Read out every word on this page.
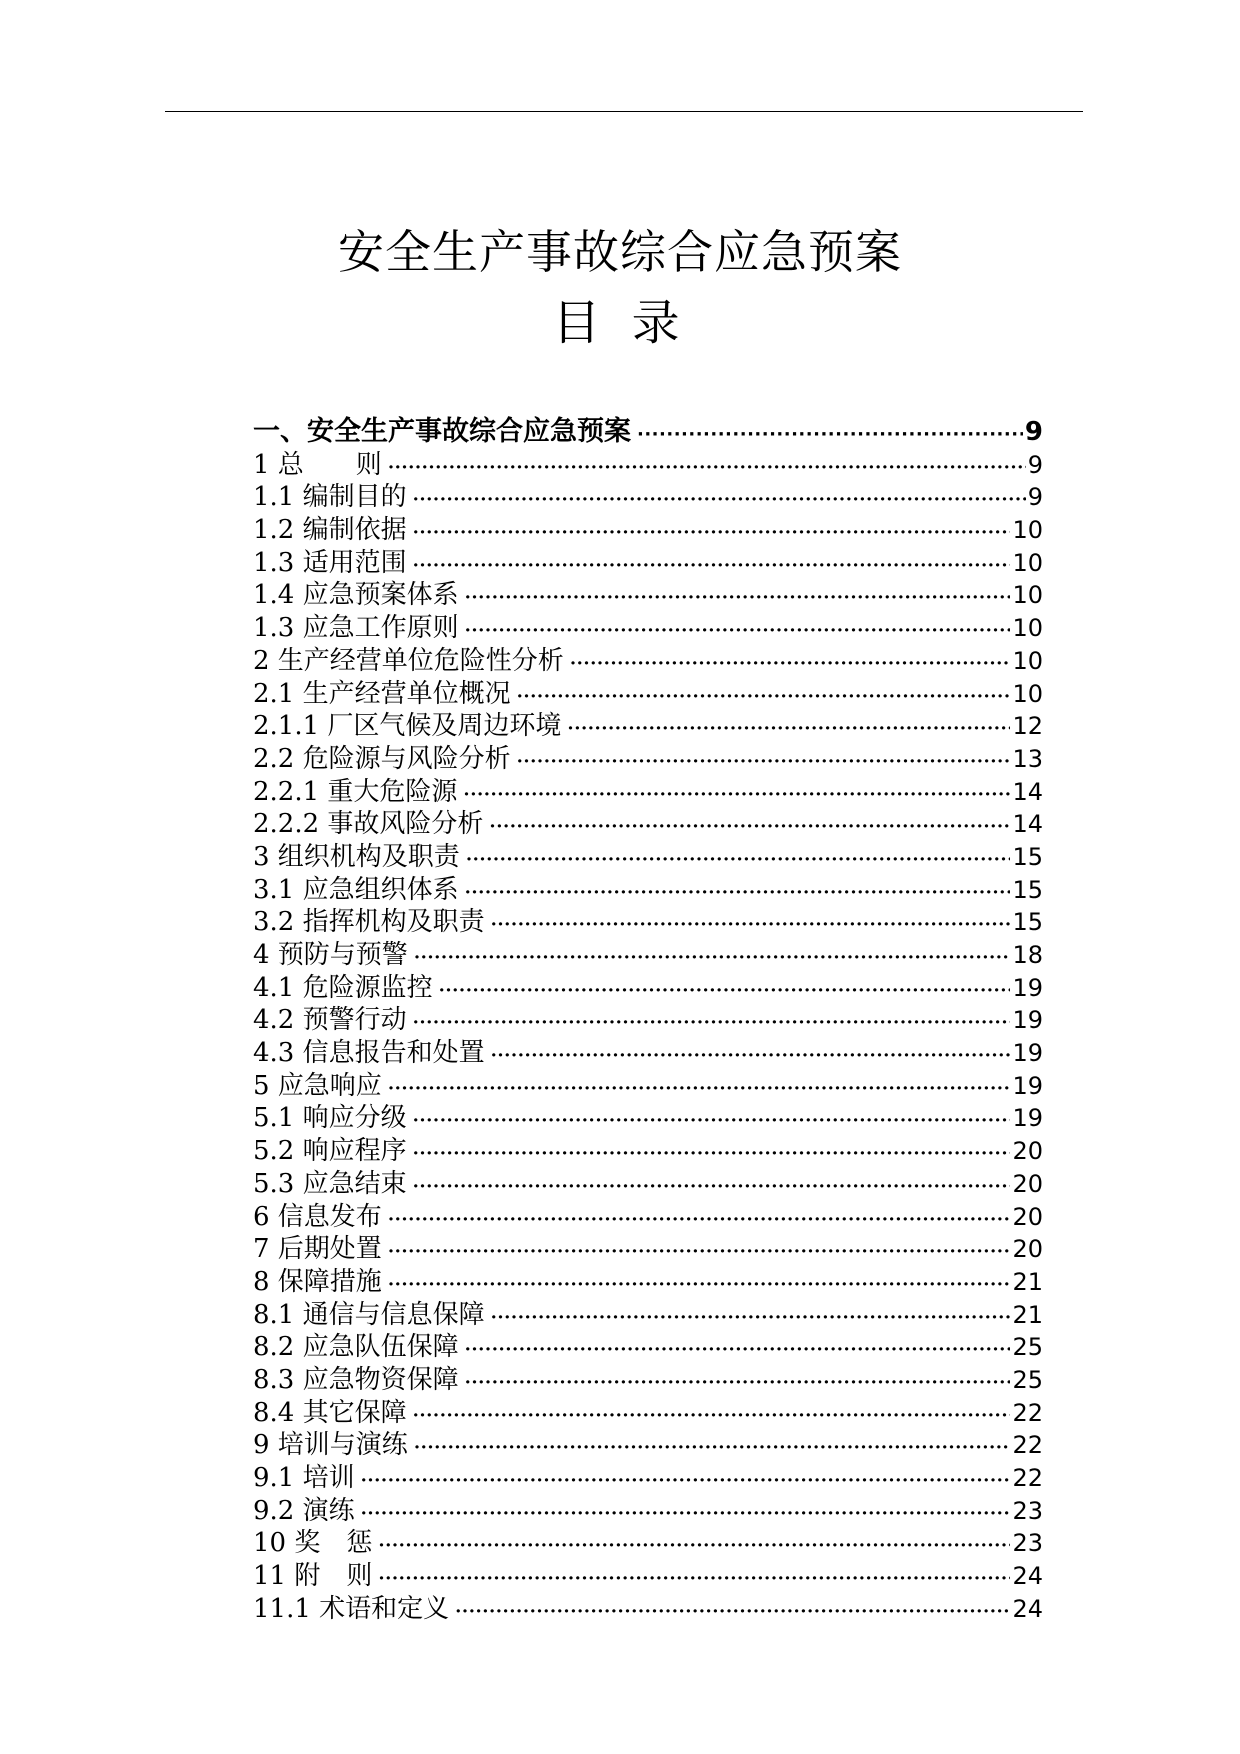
安全生产事故综合应急预案
目 录
一、安全生产事故综合应急预案 ·····	9
1 总　　则 ·····	9
1.1 编制目的 ·····	9
1.2 编制依据 ·····	10
1.3 适用范围 ·····	10
1.4 应急预案体系 ·····	10
1.3 应急工作原则 ·····	10
2 生产经营单位危险性分析 ·····	10
2.1 生产经营单位概况 ·····	10
2.1.1 厂区气候及周边环境 ·····	12
2.2 危险源与风险分析 ·····	13
2.2.1 重大危险源 ·····	14
2.2.2 事故风险分析 ·····	14
3 组织机构及职责 ·····	15
3.1 应急组织体系 ·····	15
3.2 指挥机构及职责 ·····	15
4 预防与预警 ·····	18
4.1 危险源监控 ·····	19
4.2 预警行动 ·····	19
4.3 信息报告和处置 ·····	19
5 应急响应 ·····	19
5.1 响应分级 ·····	19
5.2 响应程序 ·····	20
5.3 应急结束 ·····	20
6 信息发布 ·····	20
7 后期处置 ·····	20
8 保障措施 ·····	21
8.1 通信与信息保障 ·····	21
8.2 应急队伍保障 ·····	25
8.3 应急物资保障 ·····	25
8.4 其它保障 ·····	22
9 培训与演练 ·····	22
9.1 培训 ·····	22
9.2 演练 ·····	23
10 奖　惩 ·····	23
11 附　则 ·····	24
11.1 术语和定义 ·····	24
